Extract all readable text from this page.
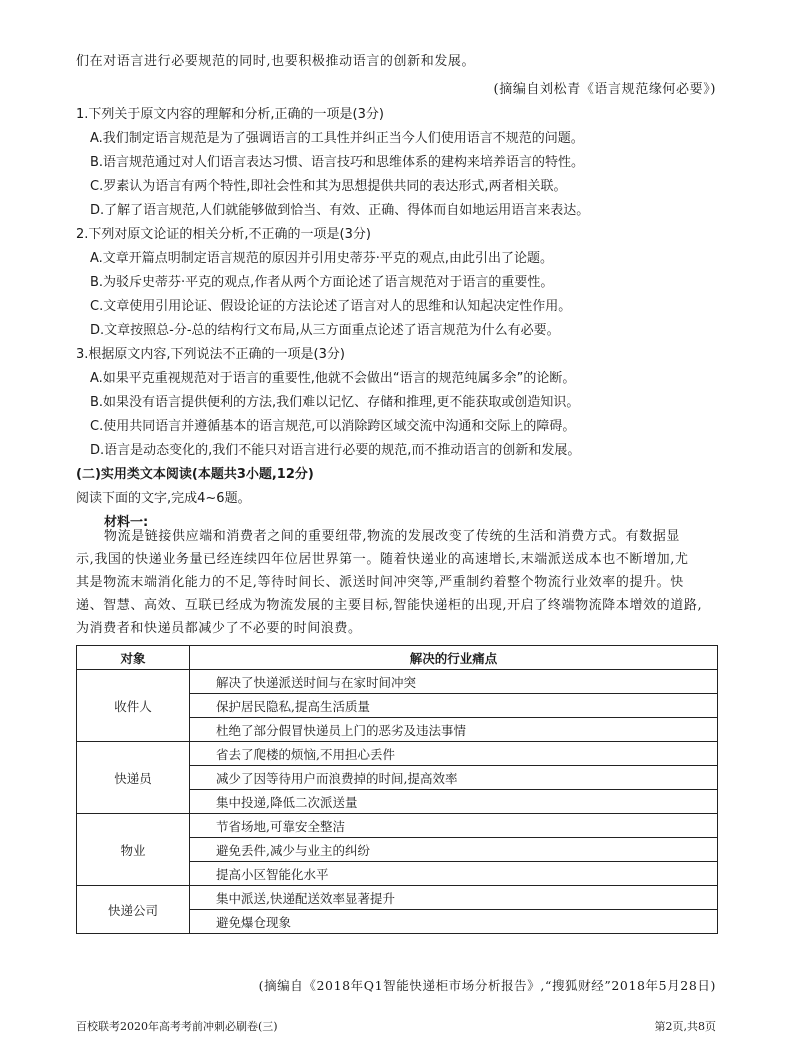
们在对语言进行必要规范的同时,也要积极推动语言的创新和发展。
(摘编自刘松青《语言规范缘何必要》)
1.下列关于原文内容的理解和分析,正确的一项是(3分)
A.我们制定语言规范是为了强调语言的工具性并纠正当今人们使用语言不规范的问题。
B.语言规范通过对人们语言表达习惯、语言技巧和思维体系的建构来培养语言的特性。
C.罗素认为语言有两个特性,即社会性和其为思想提供共同的表达形式,两者相关联。
D.了解了语言规范,人们就能够做到恰当、有效、正确、得体而自如地运用语言来表达。
2.下列对原文论证的相关分析,不正确的一项是(3分)
A.文章开篇点明制定语言规范的原因并引用史蒂芬·平克的观点,由此引出了论题。
B.为驳斥史蒂芬·平克的观点,作者从两个方面论述了语言规范对于语言的重要性。
C.文章使用引用论证、假设论证的方法论述了语言对人的思维和认知起决定性作用。
D.文章按照总-分-总的结构行文布局,从三方面重点论述了语言规范为什么有必要。
3.根据原文内容,下列说法不正确的一项是(3分)
A.如果平克重视规范对于语言的重要性,他就不会做出“语言的规范纯属多余”的论断。
B.如果没有语言提供便利的方法,我们难以记忆、存储和推理,更不能获取或创造知识。
C.使用共同语言并遵循基本的语言规范,可以消除跨区域交流中沟通和交际上的障碍。
D.语言是动态变化的,我们不能只对语言进行必要的规范,而不推动语言的创新和发展。
(二)实用类文本阅读(本题共3小题,12分)
阅读下面的文字,完成4~6题。
材料一:
物流是链接供应端和消费者之间的重要纽带,物流的发展改变了传统的生活和消费方式。有数据显
示,我国的快递业务量已经连续四年位居世界第一。随着快递业的高速增长,末端派送成本也不断增加,尤
其是物流末端消化能力的不足,等待时间长、派送时间冲突等,严重制约着整个物流行业效率的提升。快
递、智慧、高效、互联已经成为物流发展的主要目标,智能快递柜的出现,开启了终端物流降本增效的道路,
对象	解决的行业痛点
收件人	解决了快递派送时间与在家时间冲突
	保护居民隐私,提高生活质量
	杜绝了部分假冒快递员上门的恶劣及违法事情
快递员	省去了爬楼的烦恼,不用担心丢件
	减少了因等待用户而浪费掉的时间,提高效率
	集中投递,降低二次派送量
物业	节省场地,可靠安全整洁
	避免丢件,减少与业主的纠纷
	提高小区智能化水平
快递公司	集中派送,快递配送效率显著提升
	避免爆仓现象
(摘编自《2018年Q1智能快递柜市场分析报告》,“搜狐财经”2018年5月28日)
百校联考2020年高考考前冲刺必刷卷(三)	第2页,共8页
为消费者和快递员都减少了不必要的时间浪费。
